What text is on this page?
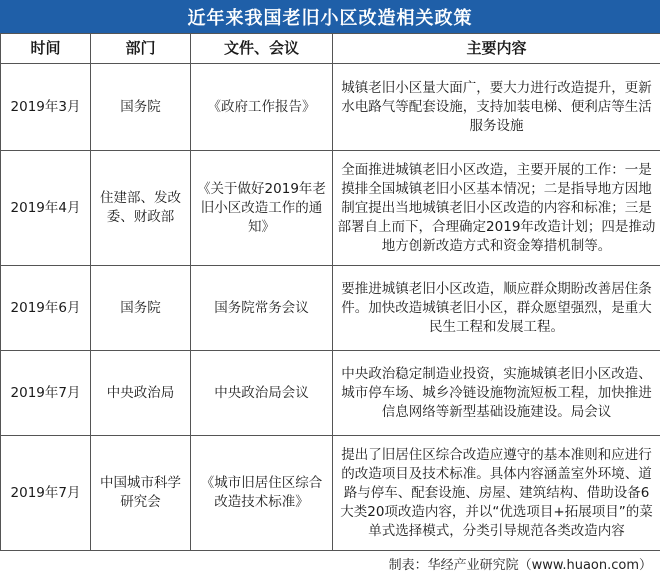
近年来我国老旧小区改造相关政策
时间	部门	文件、会议	主要内容
2019年3月	国务院	《政府工作报告》	城镇老旧小区量大面广，要大力进行改造提升，更新水电路气等配套设施，支持加装电梯、便利店等生活服务设施
2019年4月	住建部、发改委、财政部	《关于做好2019年老旧小区改造工作的通知》	全面推进城镇老旧小区改造，主要开展的工作：一是摸排全国城镇老旧小区基本情况；二是指导地方因地制宜提出当地城镇老旧小区改造的内容和标准；三是部署自上而下，合理确定2019年改造计划；四是推动地方创新改造方式和资金筹措机制等。
2019年6月	国务院	国务院常务会议	要推进城镇老旧小区改造，顺应群众期盼改善居住条件。加快改造城镇老旧小区，群众愿望强烈，是重大民生工程和发展工程。
2019年7月	中央政治局	中央政治局会议	中央政治稳定制造业投资，实施城镇老旧小区改造、城市停车场、城乡冷链设施物流短板工程，加快推进信息网络等新型基础设施建设。局会议
2019年7月	中国城市科学研究会	《城市旧居住区综合改造技术标准》	提出了旧居住区综合改造应遵守的基本准则和应进行的改造项目及技术标准。具体内容涵盖室外环境、道路与停车、配套设施、房屋、建筑结构、借助设备6大类20项改造内容，并以“优选项目+拓展项目”的菜单式选择模式，分类引导规范各类改造内容
制表：华经产业研究院（www.huaon.com）
